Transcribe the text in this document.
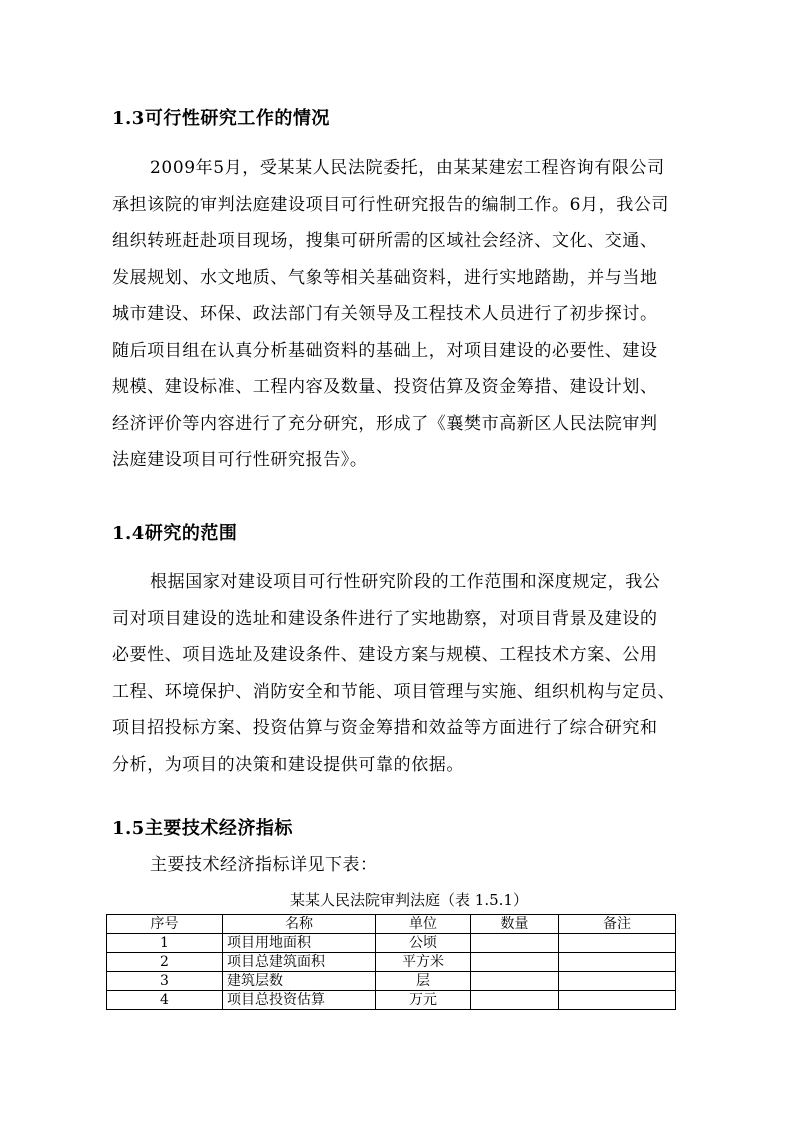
1.3可行性研究工作的情况
2009年5月，受某某人民法院委托，由某某建宏工程咨询有限公司
承担该院的审判法庭建设项目可行性研究报告的编制工作。6月，我公司
组织转班赶赴项目现场，搜集可研所需的区域社会经济、文化、交通、
发展规划、水文地质、气象等相关基础资料，进行实地踏勘，并与当地
城市建设、环保、政法部门有关领导及工程技术人员进行了初步探讨。
随后项目组在认真分析基础资料的基础上，对项目建设的必要性、建设
规模、建设标准、工程内容及数量、投资估算及资金筹措、建设计划、
经济评价等内容进行了充分研究，形成了《襄樊市高新区人民法院审判
法庭建设项目可行性研究报告》。
1.4研究的范围
根据国家对建设项目可行性研究阶段的工作范围和深度规定，我公
司对项目建设的选址和建设条件进行了实地勘察，对项目背景及建设的
必要性、项目选址及建设条件、建设方案与规模、工程技术方案、公用
工程、环境保护、消防安全和节能、项目管理与实施、组织机构与定员、
项目招投标方案、投资估算与资金筹措和效益等方面进行了综合研究和
分析，为项目的决策和建设提供可靠的依据。
1.5主要技术经济指标
主要技术经济指标详见下表：
某某人民法院审判法庭（表 1.5.1）
序号	名称	单位	数量	备注
1	项目用地面积	公顷		
2	项目总建筑面积	平方米		
3	建筑层数	层		
4	项目总投资估算	万元		
